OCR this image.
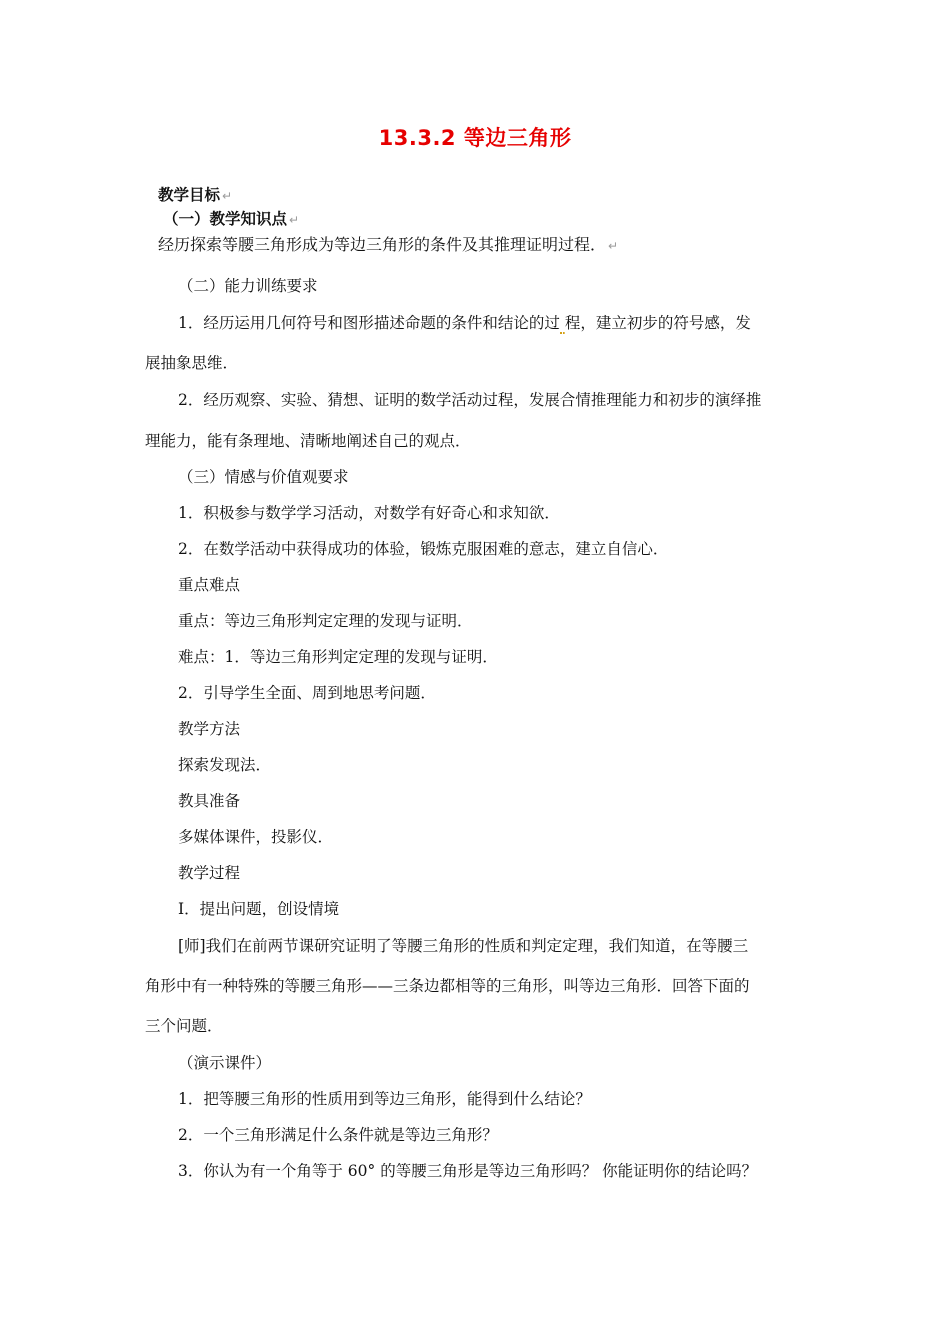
13.3.2 等边三角形
教学目标 ↵
（一）教学知识点 ↵
经历探索等腰三角形成为等边三角形的条件及其推理证明过程． ↵
（二）能力训练要求
1．经历运用几何符号和图形描述命题的条件和结论的过 程，建立初步的符号感，发
展抽象思维．
2．经历观察、实验、猜想、证明的数学活动过程，发展合情推理能力和初步的演绎推
理能力，能有条理地、清晰地阐述自己的观点．
（三）情感与价值观要求
1．积极参与数学学习活动，对数学有好奇心和求知欲．
2．在数学活动中获得成功的体验，锻炼克服困难的意志，建立自信心．
重点难点
重点：等边三角形判定定理的发现与证明．
难点：1．等边三角形判定定理的发现与证明．
2．引导学生全面、周到地思考问题．
教学方法
探索发现法．
教具准备
多媒体课件，投影仪．
教学过程
Ⅰ．提出问题，创设情境
[师]我们在前两节课研究证明了等腰三角形的性质和判定定理，我们知道，在等腰三
角形中有一种特殊的等腰三角形——三条边都相等的三角形，叫等边三角形．回答下面的
三个问题．
（演示课件）
1．把等腰三角形的性质用到等边三角形，能得到什么结论？
2．一个三角形满足什么条件就是等边三角形？
3．你认为有一个角等于 60° 的等腰三角形是等边三角形吗？ 你能证明你的结论吗？
